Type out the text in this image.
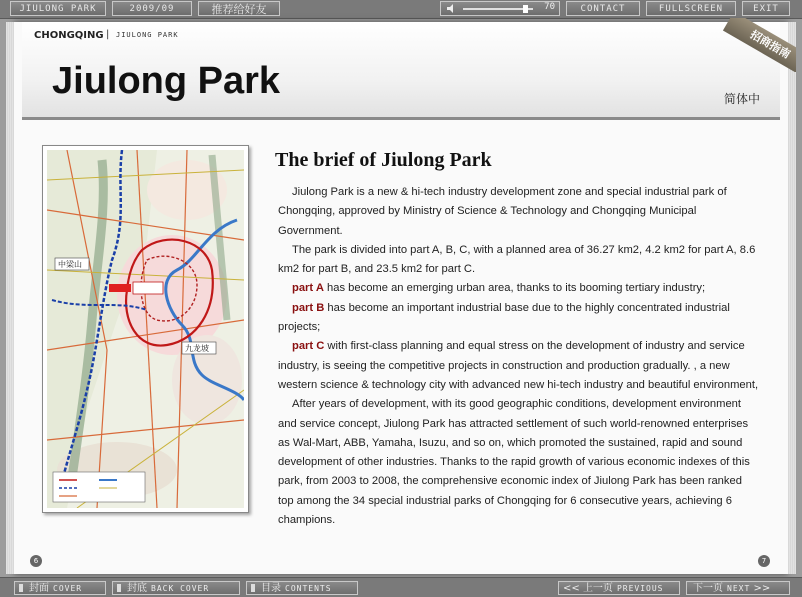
JIULONG PARK	2009/09	推荐给好友	70	CONTACT	FULLSCREEN	EXIT
CHONGQING | JIULONG PARK
Jiulong Park	简体中
招商指南
中梁山
九龙坡
The brief of Jiulong Park

Jiulong Park is a new & hi-tech industry development zone and special industrial park of Chongqing, approved by Ministry of Science & Technology and Chongqing Municipal Government.

The park is divided into part A, B, C, with a planned area of 36.27 km2, 4.2 km2 for part A, 8.6 km2 for part B, and 23.5 km2 for part C.

part A has become an emerging urban area, thanks to its booming tertiary industry;

part B has become an important industrial base due to the highly concentrated industrial projects;

part C with first-class planning and equal stress on the development of industry and service industry, is seeing the competitive projects in construction and production gradually. , a new western science & technology city with advanced new hi-tech industry and beautiful environment,

After years of development, with its good geographic conditions, development environment and service concept, Jiulong Park has attracted settlement of such world-renowned enterprises as Wal-Mart, ABB, Yamaha, Isuzu, and so on, which promoted the sustained, rapid and sound development of other industries. Thanks to the rapid growth of various economic indexes of this park, from 2003 to 2008, the comprehensive economic index of Jiulong Park has been ranked top among the 34 special industrial parks of Chongqing for 6 consecutive years, achieving 6 champions.

6	7
封面 COVER	封底 BACK COVER	目录 CONTENTS	<< 上一页 PREVIOUS	下一页 NEXT >>
